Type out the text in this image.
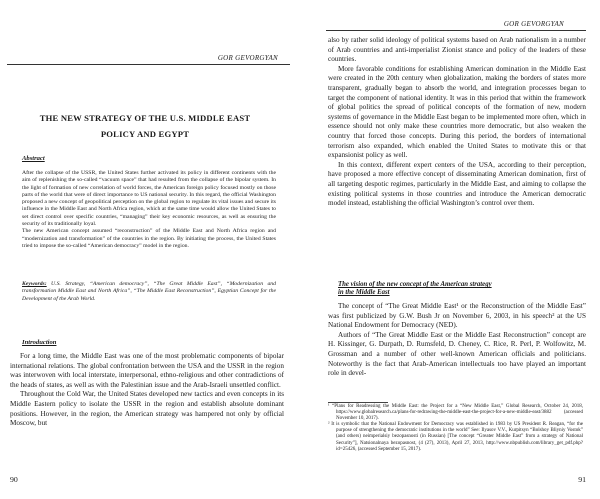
GOR GEVORGYAN
THE NEW STRATEGY OF THE U.S. MIDDLE EAST
POLICY AND EGYPT
Abstract

After the collapse of the USSR, the United States further activated its policy in different continents with the aim of replenishing the so-called “vacuum space” that had resulted from the collapse of the bipolar system. In the light of formation of new correlation of world forces, the American foreign policy focused mostly on those parts of the world that were of direct importance to US national security. In this regard, the official Washington proposed a new concept of geopolitical perception on the global region to regulate its vital issues and secure its influence in the Middle East and North Africa region, which at the same time would allow the United States to set direct control over specific countries, “managing” their key economic resources, as well as ensuring the security of its traditionally loyal.

The new American concept assumed “reconstruction” of the Middle East and North Africa region and “modernization and transformation” of the countries in the region. By initiating the process, the United States tried to impose the so-called “American democracy” model in the region.

Keywords: U.S. Strategy, “American democracy”, “The Great Middle East”, “Modernization and transformation Middle East and North Africa”, “The Middle East Reconstruction”, Egyptian Concept for the Development of the Arab World.

Introduction

For a long time, the Middle East was one of the most problematic components of bipolar international relations. The global confrontation between the USA and the USSR in the region was interwoven with local interstate, interpersonal, ethno-religious and other contradictions of the heads of states, as well as with the Palestinian issue and the Arab-Israeli unsettled conflict.

Throughout the Cold War, the United States developed new tactics and even concepts in its Middle Eastern policy to isolate the USSR in the region and establish absolute dominant positions. However, in the region, the American strategy was hampered not only by official Moscow, but

90
GOR GEVORGYAN

also by rather solid ideology of political systems based on Arab nationalism in a number of Arab countries and anti-imperialist Zionist stance and policy of the leaders of these countries.

More favorable conditions for establishing American domination in the Middle East were created in the 20th century when globalization, making the borders of states more transparent, gradually began to absorb the world, and integration processes began to target the component of national identity. It was in this period that within the framework of global politics the spread of political concepts of the formation of new, modern systems of governance in the Middle East began to be implemented more often, which in essence should not only make these countries more democratic, but also weaken the country that forced those concepts. During this period, the borders of international terrorism also expanded, which enabled the United States to motivate this or that expansionist policy as well.

In this context, different expert centers of the USA, according to their perception, have proposed a more effective concept of disseminating American domination, first of all targeting despotic regimes, particularly in the Middle East, and aiming to collapse the existing political systems in those countries and introduce the American democratic model instead, establishing the official Washington’s control over them.

The vision of the new concept of the American strategy
in the Middle East

The concept of “The Great Middle East¹ or the Reconstruction of the Middle East” was first publicized by G.W. Bush Jr on November 6, 2003, in his speech² at the US National Endowment for Democracy (NED).

Authors of “The Great Middle East or the Middle East Reconstruction” concept are H. Kissinger, G. Durpath, D. Rumsfeld, D. Cheney, C. Rice, R. Perl, P. Wolfowitz, M. Grossman and a number of other well-known American officials and politicians. Noteworthy is the fact that Arab-American intellectuals too have played an important role in devel-

¹ “Plans for Readressing the Middle East: the Project for a “New Middle East,” Global Research, October 24, 2018, https://www.globalresearch.ca/plans-for-redrawing-the-middle-east-the-project-for-a-new-middle-east/3882 (accessed November 10, 2017).

² It is symbolic that the National Endowment for Democracy was established in 1983 by US President R. Reagan, “for the purpose of strengthening the democratic institutions in the world” See: Ilyasov V.V., Kurpitsyn “Bolshoy Bliyniy Vostok” (and others) neimperialsiy bezopasnosti (in Russian) [The concept “Greater Middle East” from a strategy of National Security”], Natsionalnaya bezopasnost, (4 (27), 2013), April 27, 2013, http://www.nbpublish.com/library_get_pdf.php?id=25426, (accessed September 15, 2017).

91
